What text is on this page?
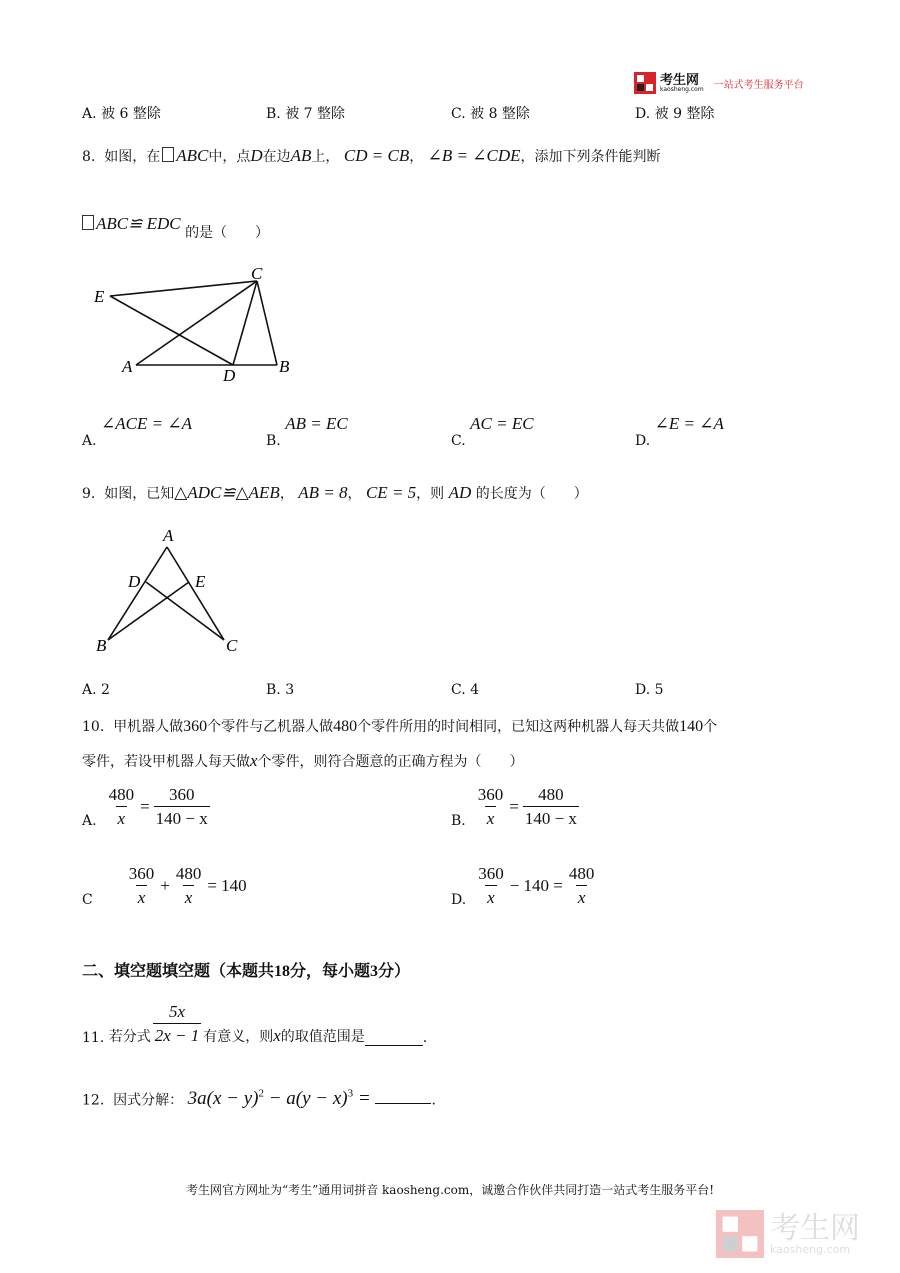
考生网
kaosheng.com 一站式考生服务平台
A. 被 6 整除	B. 被 7 整除	C. 被 8 整除	D. 被 9 整除
8. 如图，在 ABC中，点D在边AB上， CD = CB， ∠B = ∠CDE，添加下列条件能判断
ABC≌ EDC 的是（　　）
E
C
A	D	B
A. ∠ACE = ∠A
B. AB = EC
C. AC = EC
D. ∠E = ∠A
9. 如图，已知△ADC≌△AEB， AB = 8， CE = 5，则 AD 的长度为（　　）
A
D	E
B	C
A. 2	B. 3	C. 4	D. 5
10. 甲机器人做360个零件与乙机器人做480个零件所用的时间相同，已知这两种机器人每天共做140个
零件，若设甲机器人每天做x个零件，则符合题意的正确方程为（　　）
A. $\frac{480}{x} = \frac{360}{140 - x}$	B. $\frac{360}{x} = \frac{480}{140 - x}$
C $\frac{360}{x} + \frac{480}{x} = 140$
D. $\frac{360}{x} - 140 = \frac{480}{x}$
二、填空题填空题（本题共18分，每小题3分）
11.
若分式 $\frac{5x}{2x - 1}$ 有意义，则 x 的取值范围是	.
12. 因式分解： $3a(x - y)^2 - a(y - x)^3$ =	.
考生网官方网址为“考生”通用词拼音 kaosheng.com，诚邀合作伙伴共同打造一站式考生服务平台!
考生网
kaosheng.com
